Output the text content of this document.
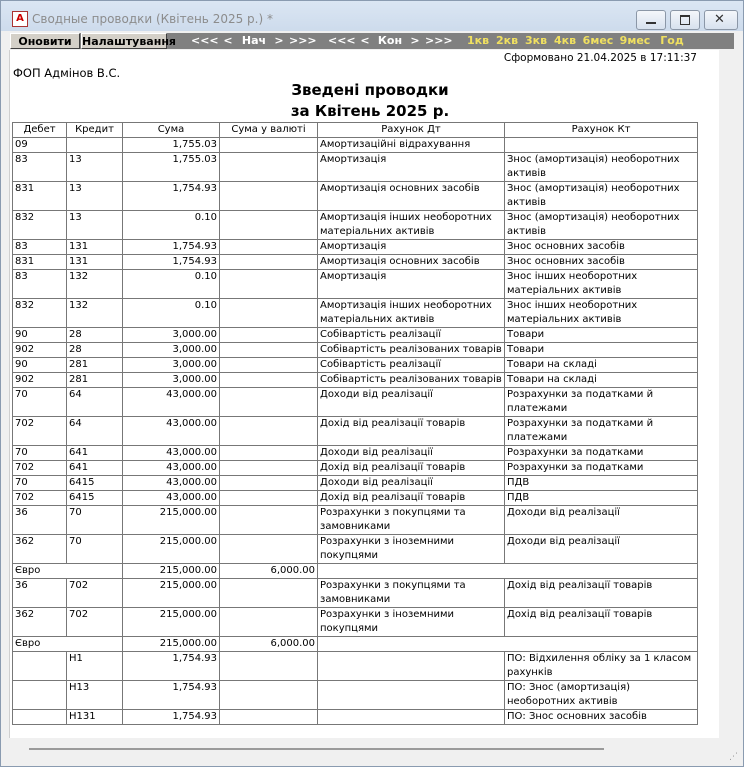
A Сводные проводки (Квітень 2025 р.) *	✕
Оновити Налаштування <<< < Нач > >>> <<< < Кон > >>> 1кв 2кв 3кв 4кв 6мес 9мес Год
Сформовано 21.04.2025 в 17:11:37
ФОП Адмінов В.С.
Зведені проводки
за Квітень 2025 р.
Дебет	Кредит	Сума	Сума у валюті	Рахунок Дт	Рахунок Кт
09		1,755.03		Амортизаційні відрахування	
83	13	1,755.03		Амортизація	Знос (амортизація) необоротних активів
831	13	1,754.93		Амортизація основних засобів	Знос (амортизація) необоротних активів
832	13	0.10		Амортизація інших необоротних матеріальних активів	Знос (амортизація) необоротних активів
83	131	1,754.93		Амортизація	Знос основних засобів
831	131	1,754.93		Амортизація основних засобів	Знос основних засобів
83	132	0.10		Амортизація	Знос інших необоротних матеріальних активів
832	132	0.10		Амортизація інших необоротних матеріальних активів	Знос інших необоротних матеріальних активів
90	28	3,000.00		Собівартість реалізації	Товари
902	28	3,000.00		Собівартість реалізованих товарів	Товари
90	281	3,000.00		Собівартість реалізації	Товари на складі
902	281	3,000.00		Собівартість реалізованих товарів	Товари на складі
70	64	43,000.00		Доходи від реалізації	Розрахунки за податками й платежами
702	64	43,000.00		Дохід від реалізації товарів	Розрахунки за податками й платежами
70	641	43,000.00		Доходи від реалізації	Розрахунки за податками
702	641	43,000.00		Дохід від реалізації товарів	Розрахунки за податками
70	6415	43,000.00		Доходи від реалізації	ПДВ
702	6415	43,000.00		Дохід від реалізації товарів	ПДВ
36	70	215,000.00		Розрахунки з покупцями та замовниками	Доходи від реалізації
362	70	215,000.00		Розрахунки з іноземними покупцями	Доходи від реалізації
Євро		215,000.00	6,000.00		
36	702	215,000.00		Розрахунки з покупцями та замовниками	Дохід від реалізації товарів
362	702	215,000.00		Розрахунки з іноземними покупцями	Дохід від реалізації товарів
Євро		215,000.00	6,000.00		
	Н1	1,754.93			ПО: Відхилення обліку за 1 класом рахунків
	Н13	1,754.93			ПО: Знос (амортизація) необоротних активів
	Н131	1,754.93			ПО: Знос основних засобів
⋰
